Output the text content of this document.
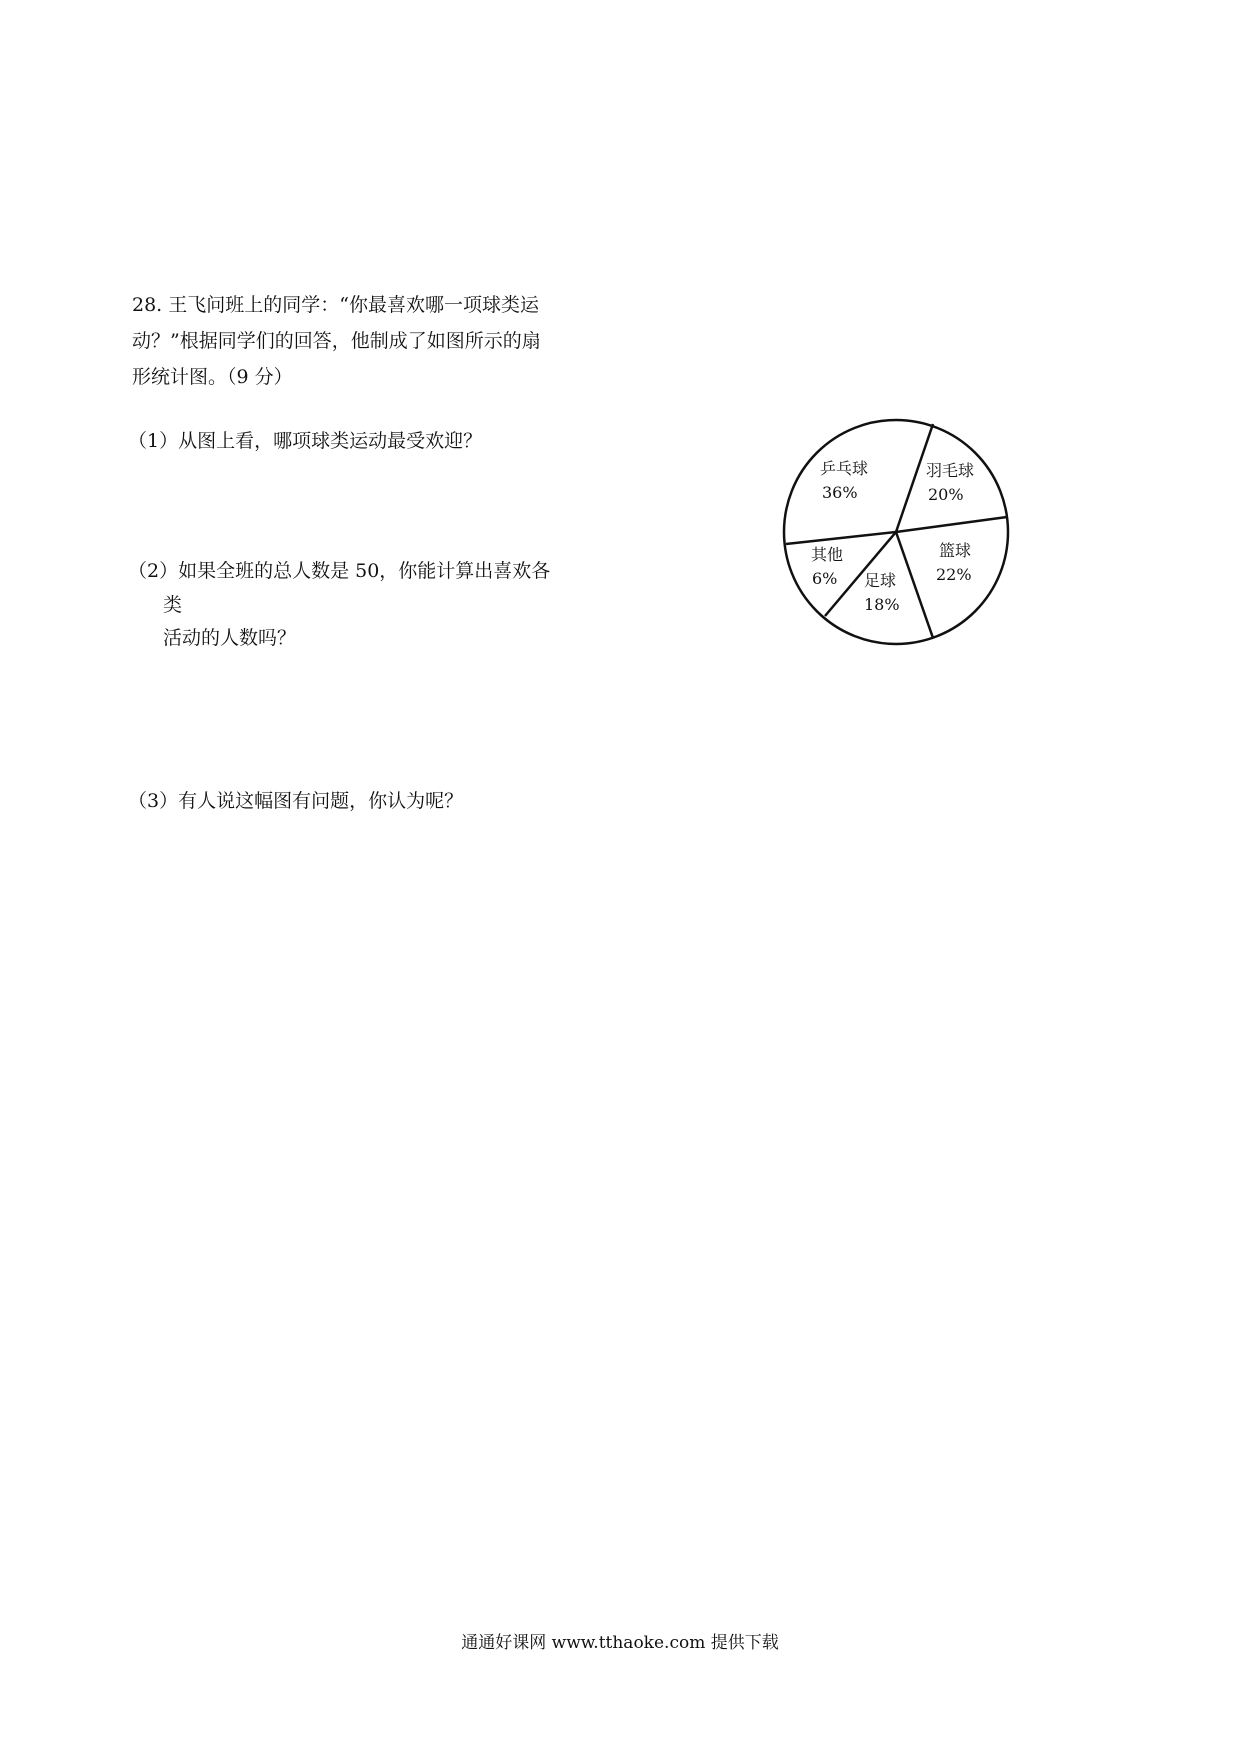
28. 王飞问班上的同学：“你最喜欢哪一项球类运
动？”根据同学们的回答，他制成了如图所示的扇
形统计图。（9 分）
（1）从图上看，哪项球类运动最受欢迎？
（2）如果全班的总人数是 50，你能计算出喜欢各
类
活动的人数吗？
（3）有人说这幅图有问题，你认为呢？
乒乓球
36%
羽毛球
20%
篮球
22%
足球
18%
其他
6%
通通好课网 www.tthaoke.com 提供下载
